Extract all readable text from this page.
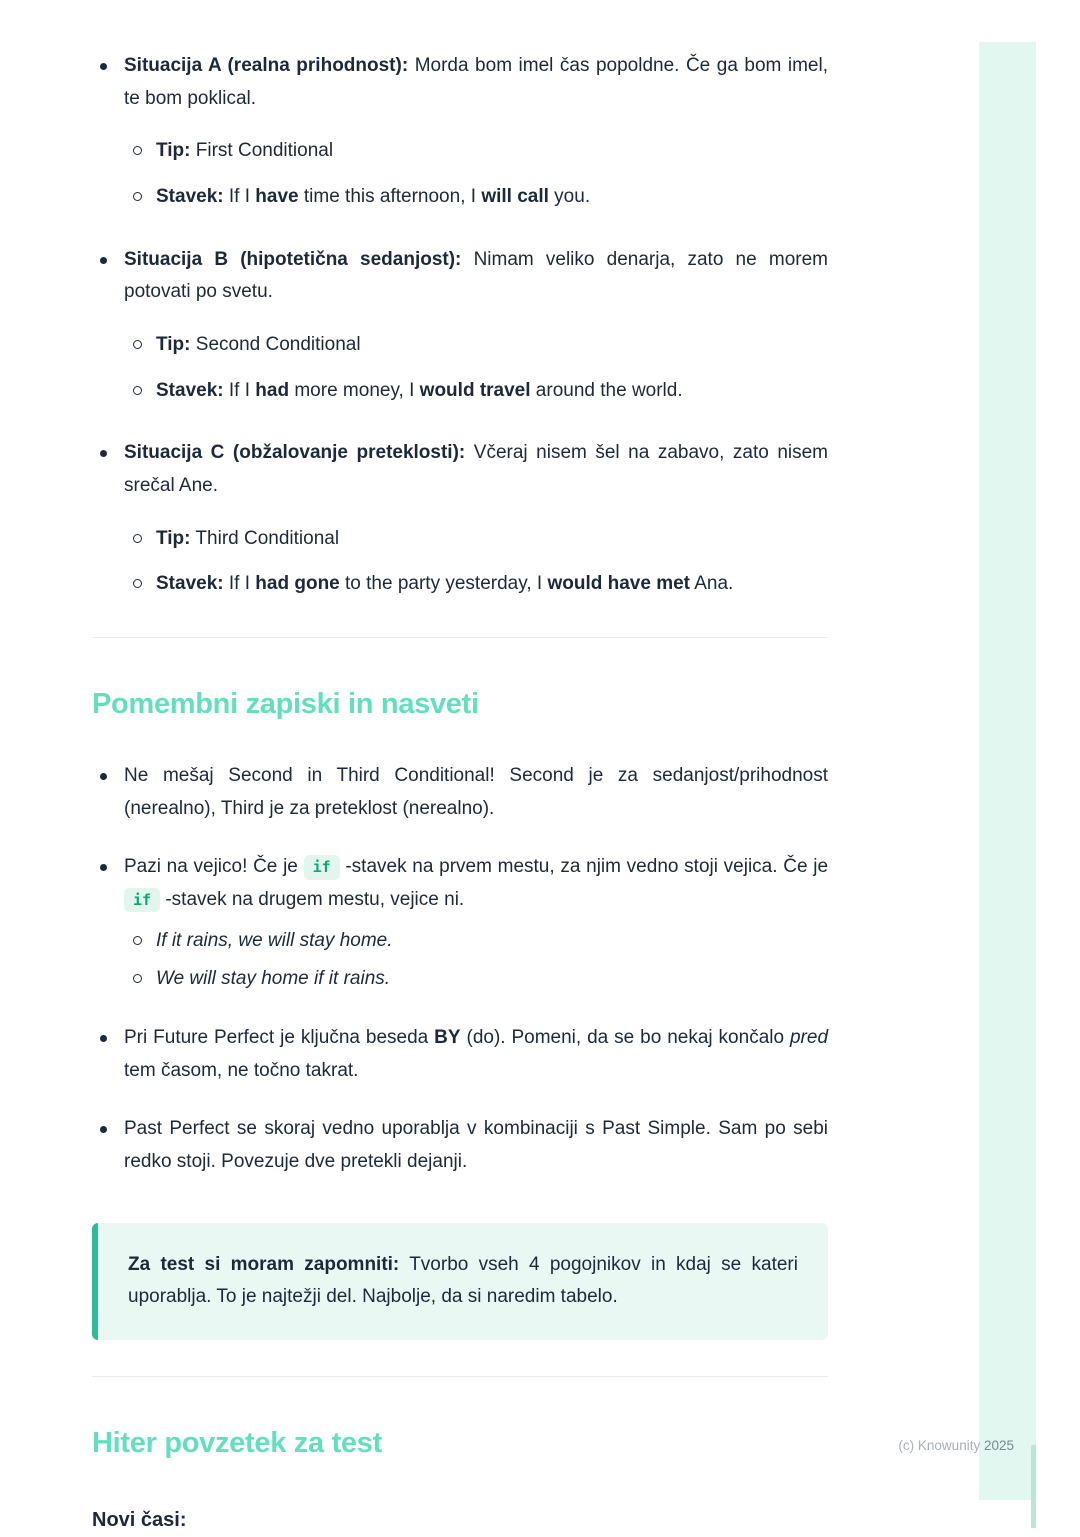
Situacija A (realna prihodnost): Morda bom imel čas popoldne. Če ga bom imel, te bom poklical.

Tip: First Conditional

Stavek: If I have time this afternoon, I will call you.

Situacija B (hipotetična sedanjost): Nimam veliko denarja, zato ne morem potovati po svetu.

Tip: Second Conditional

Stavek: If I had more money, I would travel around the world.

Situacija C (obžalovanje preteklosti): Včeraj nisem šel na zabavo, zato nisem srečal Ane.

Tip: Third Conditional

Stavek: If I had gone to the party yesterday, I would have met Ana.

Pomembni zapiski in nasveti

Ne mešaj Second in Third Conditional! Second je za sedanjost/prihodnost (nerealno), Third je za preteklost (nerealno).

Pazi na vejico! Če je if -stavek na prvem mestu, za njim vedno stoji vejica. Če je if -stavek na drugem mestu, vejice ni.

If it rains, we will stay home.

We will stay home if it rains.

Pri Future Perfect je ključna beseda BY (do). Pomeni, da se bo nekaj končalo pred tem časom, ne točno takrat.

Past Perfect se skoraj vedno uporablja v kombinaciji s Past Simple. Sam po sebi redko stoji. Povezuje dve pretekli dejanji.

Za test si moram zapomniti: Tvorbo vseh 4 pogojnikov in kdaj se kateri uporablja. To je najtežji del. Najbolje, da si naredim tabelo.

Hiter povzetek za test
Novi časi:
(c) Knowunity 2025
